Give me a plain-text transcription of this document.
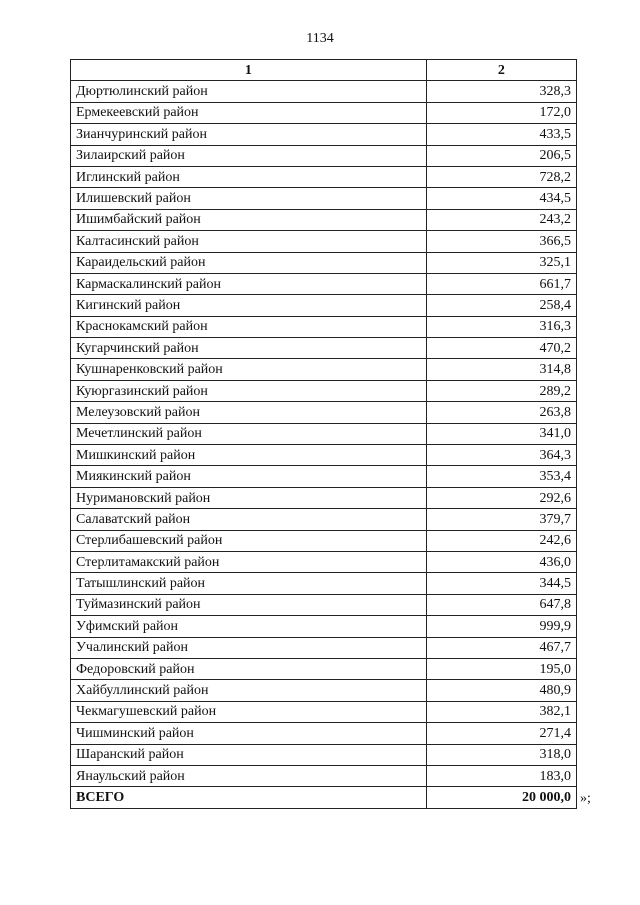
1134
1	2
Дюртюлинский район	328,3
Ермекеевский район	172,0
Зианчуринский район	433,5
Зилаирский район	206,5
Иглинский район	728,2
Илишевский район	434,5
Ишимбайский район	243,2
Калтасинский район	366,5
Караидельский район	325,1
Кармаскалинский район	661,7
Кигинский район	258,4
Краснокамский район	316,3
Кугарчинский район	470,2
Кушнаренковский район	314,8
Куюргазинский район	289,2
Мелеузовский район	263,8
Мечетлинский район	341,0
Мишкинский район	364,3
Миякинский район	353,4
Нуримановский район	292,6
Салаватский район	379,7
Стерлибашевский район	242,6
Стерлитамакский район	436,0
Татышлинский район	344,5
Туймазинский район	647,8
Уфимский район	999,9
Учалинский район	467,7
Федоровский район	195,0
Хайбуллинский район	480,9
Чекмагушевский район	382,1
Чишминский район	271,4
Шаранский район	318,0
Янаульский район	183,0
ВСЕГО	20 000,0 »;
